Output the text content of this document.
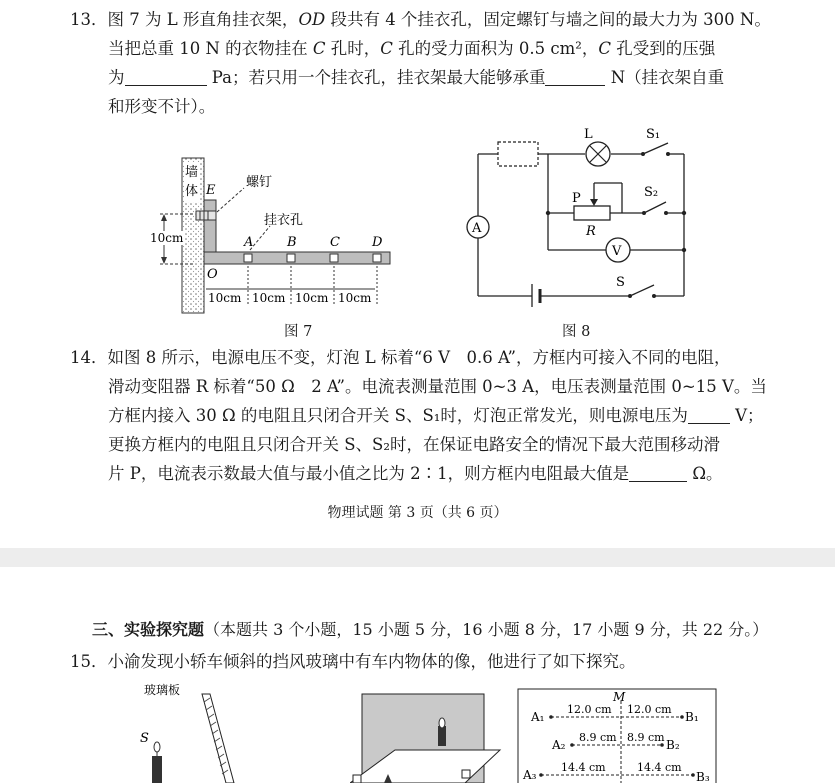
13．图 7 为 L 形直角挂衣架，OD 段共有 4 个挂衣孔，固定螺钉与墙之间的最大力为 300 N。
当把总重 10 N 的衣物挂在 C 孔时，C 孔的受力面积为 0.5 cm²，C 孔受到的压强
为	Pa；若只用一个挂衣孔，挂衣架最大能够承重	N（挂衣架自重
和形变不计）。
墙
体
螺钉
E
O
A	B	C D
挂衣孔
10cm
10cm 10cm 10cm 10cm
图 7
L	S₁
P
R
S₂
A
V
S
图 8
14．如图 8 所示，电源电压不变，灯泡 L 标着“6 V　0.6 A”，方框内可接入不同的电阻，
滑动变阻器 R 标着“50 Ω　2 A”。电流表测量范围 0~3 A，电压表测量范围 0~15 V。当
方框内接入 30 Ω 的电阻且只闭合开关 S、S₁时，灯泡正常发光，则电源电压为	V；
更换方框内的电阻且只闭合开关 S、S₂时，在保证电路安全的情况下最大范围移动滑
片 P，电流表示数最大值与最小值之比为 2∶1，则方框内电阻最大值是	Ω。
物理试题 第 3 页（共 6 页）
三、实验探究题（本题共 3 个小题，15 小题 5 分，16 小题 8 分，17 小题 9 分，共 22 分。）
15．小渝发现小轿车倾斜的挡风玻璃中有车内物体的像，他进行了如下探究。
玻璃板
S
M
A₁
12.0 cm 12.0 cm
B₁
A₂
8.9 cm 8.9 cm
B₂
A₃
14.4 cm	14.4 cm
B₃
